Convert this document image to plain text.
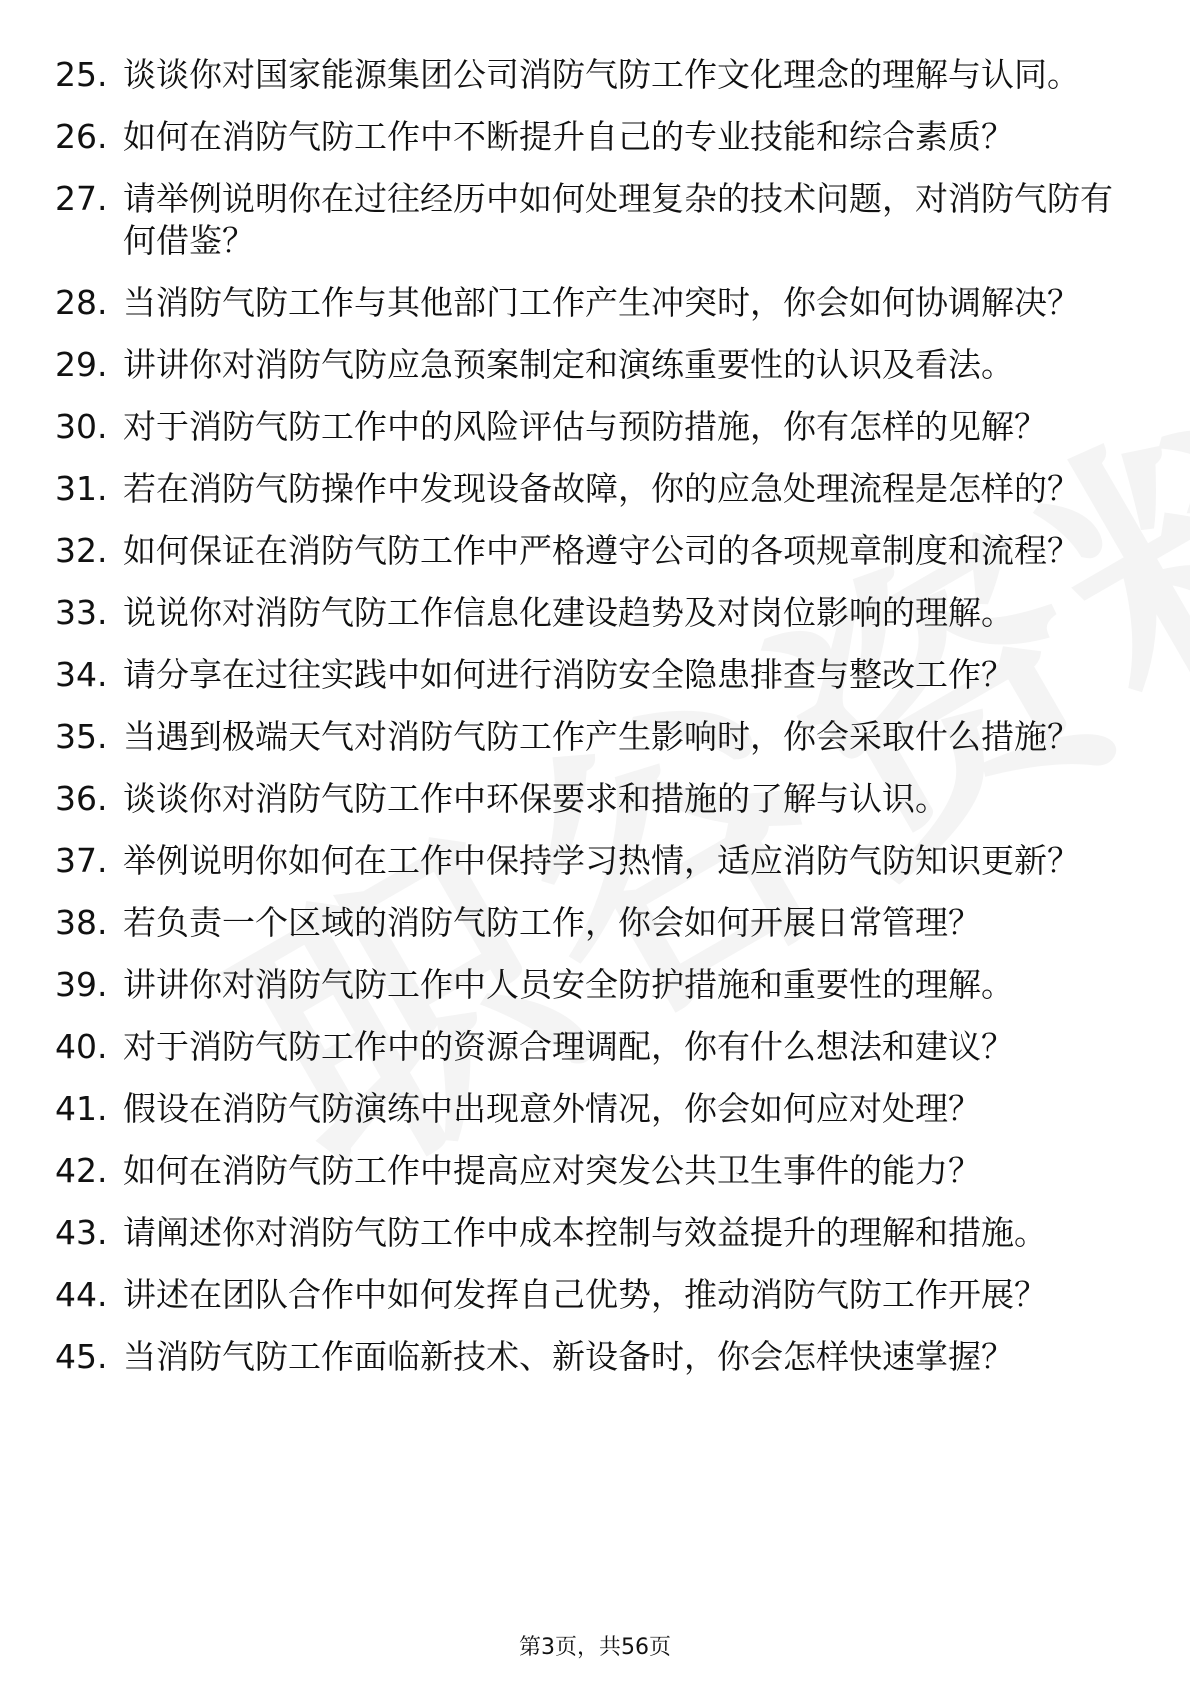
25. 谈谈你对国家能源集团公司消防气防工作文化理念的理解与认同。
26. 如何在消防气防工作中不断提升自己的专业技能和综合素质？
27. 请举例说明你在过往经历中如何处理复杂的技术问题，对消防气防有何借鉴？
28. 当消防气防工作与其他部门工作产生冲突时，你会如何协调解决？
29. 讲讲你对消防气防应急预案制定和演练重要性的认识及看法。
30. 对于消防气防工作中的风险评估与预防措施，你有怎样的见解？
31. 若在消防气防操作中发现设备故障，你的应急处理流程是怎样的？
32. 如何保证在消防气防工作中严格遵守公司的各项规章制度和流程？
33. 说说你对消防气防工作信息化建设趋势及对岗位影响的理解。
34. 请分享在过往实践中如何进行消防安全隐患排查与整改工作？
35. 当遇到极端天气对消防气防工作产生影响时，你会采取什么措施？
36. 谈谈你对消防气防工作中环保要求和措施的了解与认识。
37. 举例说明你如何在工作中保持学习热情，适应消防气防知识更新？
38. 若负责一个区域的消防气防工作，你会如何开展日常管理？
39. 讲讲你对消防气防工作中人员安全防护措施和重要性的理解。
40. 对于消防气防工作中的资源合理调配，你有什么想法和建议？
41. 假设在消防气防演练中出现意外情况，你会如何应对处理？
42. 如何在消防气防工作中提高应对突发公共卫生事件的能力？
43. 请阐述你对消防气防工作中成本控制与效益提升的理解和措施。
44. 讲述在团队合作中如何发挥自己优势，推动消防气防工作开展？
45. 当消防气防工作面临新技术、新设备时，你会怎样快速掌握？
第3页，共56页
